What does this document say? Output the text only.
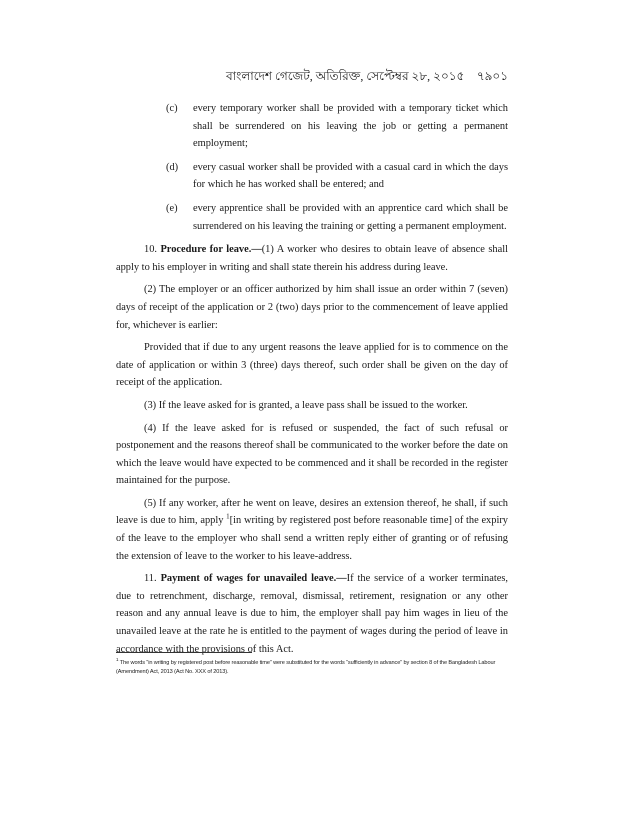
বাংলাদেশ গেজেট, অতিরিক্ত, সেপ্টেম্বর ২৮, ২০১৫ ৭৯০১
(c)	every temporary worker shall be provided with a temporary ticket which shall be surrendered on his leaving the job or getting a permanent employment;
(d)	every casual worker shall be provided with a casual card in which the days for which he has worked shall be entered; and
(e)	every apprentice shall be provided with an apprentice card which shall be surrendered on his leaving the training or getting a permanent employment.

10. Procedure for leave.—(1) A worker who desires to obtain leave of absence shall apply to his employer in writing and shall state therein his address during leave.

(2) The employer or an officer authorized by him shall issue an order within 7 (seven) days of receipt of the application or 2 (two) days prior to the commencement of leave applied for, whichever is earlier:

Provided that if due to any urgent reasons the leave applied for is to commence on the date of application or within 3 (three) days thereof, such order shall be given on the day of receipt of the application.

(3) If the leave asked for is granted, a leave pass shall be issued to the worker.

(4) If the leave asked for is refused or suspended, the fact of such refusal or postponement and the reasons thereof shall be communicated to the worker before the date on which the leave would have expected to be commenced and it shall be recorded in the register maintained for the purpose.

(5) If any worker, after he went on leave, desires an extension thereof, he shall, if such leave is due to him, apply $^1$[in writing by registered post before reasonable time] of the expiry of the leave to the employer who shall send a written reply either of granting or of refusing the extension of leave to the worker to his leave-address.

11. Payment of wages for unavailed leave.—If the service of a worker terminates, due to retrenchment, discharge, removal, dismissal, retirement, resignation or any other reason and any annual leave is due to him, the employer shall pay him wages in lieu of the unavailed leave at the rate he is entitled to the payment of wages during the period of leave in accordance with the provisions of this Act.

$^1$ The words “in writing by registered post before reasonable time” were substituted for the words “sufficiently in advance” by section 8 of the Bangladesh Labour (Amendment) Act, 2013 (Act No. XXX of 2013).
